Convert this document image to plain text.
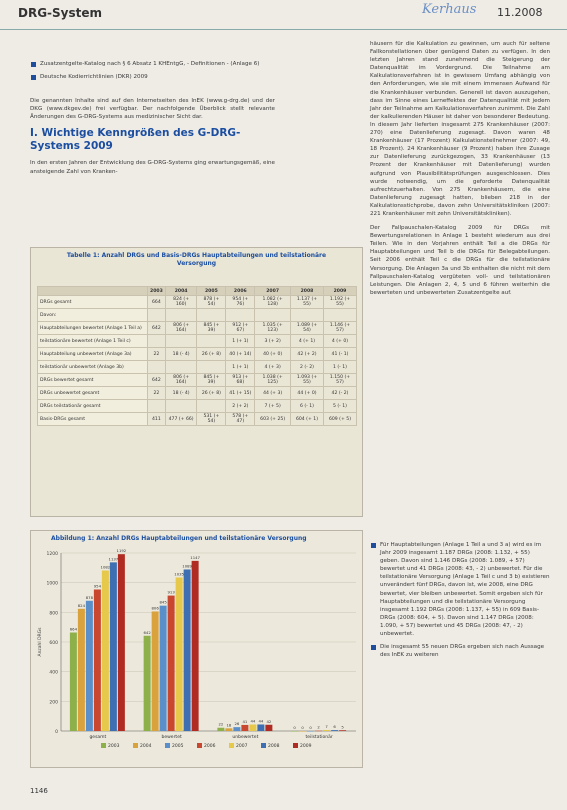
DRG-System	Kerhaus 11.2008
Zusatzentgelte-Katalog nach § 6 Absatz 1 KHEntgG, - Definitionen - (Anlage 6)
Deutsche Kodierrichtlinien (DKR) 2009

Die genannten Inhalte sind auf den Internetseiten des InEK (www.g-drg.de) und der DKG (www.dkgev.de) frei verfügbar. Der nachfolgende Überblick stellt relevante Änderungen des G-DRG-Systems aus medizinischer Sicht dar.

I. Wichtige Kenngrößen des G-DRG-Systems 2009

In den ersten Jahren der Entwicklung des G-DRG-Systems ging erwartungsgemäß, eine ansteigende Zahl von Kranken-

Tabelle 1: Anzahl DRGs und Basis-DRGs Hauptabteilungen und teilstationäre Versorgung
	2003	2004	2005	2006	2007	2008	2009
DRGs gesamt	664	824 (+ 160)	878 (+ 54)	954 (+ 76)	1.082 (+ 128)	1.137 (+ 55)	1.192 (+ 55)
Davon:							
Hauptabteilungen bewertet (Anlage 1 Teil a)	642	806 (+ 164)	845 (+ 39)	912 (+ 67)	1.035 (+ 123)	1.089 (+ 54)	1.146 (+ 57)
teilstationäre bewertet (Anlage 1 Teil c)				1 (+ 1)	3 (+ 2)	4 (+ 1)	4 (+ 0)
Hauptabteilung unbewertet (Anlage 3a)	22	18 (- 4)	26 (+ 8)	40 (+ 14)	40 (+ 0)	42 (+ 2)	41 (- 1)
teilstationär unbewertet (Anlage 3b)				1 (+ 1)	4 (+ 3)	2 (- 2)	1 (- 1)
DRGs bewertet gesamt	642	806 (+ 164)	845 (+ 39)	913 (+ 68)	1.038 (+ 125)	1.093 (+ 55)	1.150 (+ 57)
DRGs unbewertet gesamt	22	18 (- 4)	26 (+ 8)	41 (+ 15)	44 (+ 3)	44 (+ 0)	42 (- 2)
DRGs teilstationär gesamt				2 (+ 2)	7 (+ 5)	6 (- 1)	5 (- 1)
Basis-DRGs gesamt	411	477 (+ 66)	531 (+ 54)	578 (+ 47)	603 (+ 25)	604 (+ 1)	609 (+ 5)
Abbildung 1: Anzahl DRGs Hauptabteilungen und teilstationäre Versorgung
0
200
400
600
800
1000
1200
Anzahl DRGs	664
824
878
954
1082
1137
1192
gesamt
642
806
845
913
1035
1089
1147
bewertet
22 18 26 41 44 44 42
unbewertet
0 0 0 2 7 6 5
teilstationär
2003	2004	2005	2006	2007	2008	2009

häusern für die Kalkulation zu gewinnen, um auch für seltene Fallkonstellationen über genügend Daten zu verfügen. In den letzten Jahren stand zunehmend die Steigerung der Datenqualität im Vordergrund. Die Teilnahme am Kalkulationsverfahren ist in gewissem Umfang abhängig von den Anforderungen, wie sie mit einem immensen Aufwand für die Krankenhäuser verbunden. Generell ist davon auszugehen, dass im Sinne eines Lerneffektes der Datenqualität mit jedem Jahr der Teilnahme am Kalkulationsverfahren zunimmt. Die Zahl der kalkulierenden Häuser ist daher von besonderer Bedeutung. In diesem Jahr lieferten insgesamt 275 Krankenhäuser (2007: 270) eine Datenlieferung zugesagt. Davon waren 48 Krankenhäuser (17 Prozent) Kalkulationsteilnehmer (2007: 49, 18 Prozent). 24 Krankenhäuser (9 Prozent) haben ihre Zusage zur Datenlieferung zurückgezogen, 33 Krankenhäuser (13 Prozent der Krankenhäuser mit Datenlieferung) wurden aufgrund von Plausibilitätsprüfungen ausgeschlossen. Dies wurde notwendig, um die geforderte Datenqualität aufrechtzuerhalten. Von 275 Krankenhäusern, die eine Datenlieferung zugesagt hatten, blieben 218 in der Kalkulationsstichprobe, davon zehn Universitätskliniken (2007: 221 Krankenhäuser mit zehn Universitätskliniken).

Der Fallpauschalen-Katalog 2009 für DRGs mit Bewertungsrelationen in Anlage 1 besteht wiederum aus drei Teilen. Wie in den Vorjahren enthält Teil a die DRGs für Hauptabteilungen und Teil b die DRGs für Belegabteilungen. Seit 2006 enthält Teil c die DRGs für die teilstationäre Versorgung. Die Anlagen 3a und 3b enthalten die nicht mit dem Fallpauschalen-Katalog vergüteten voll- und teilstationären Leistungen. Die Anlagen 2, 4, 5 und 6 führen weiterhin die bewerteten und unbewerteten Zusatzentgelte auf.

Für Hauptabteilungen (Anlage 1 Teil a und 3 a) wird es im Jahr 2009 insgesamt 1.187 DRGs (2008: 1.132, + 55) geben. Davon sind 1.146 DRGs (2008: 1.089, + 57) bewertet und 41 DRGs (2008: 43, - 2) unbewertet. Für die teilstationäre Versorgung (Anlage 1 Teil c und 3 b) existieren unverändert fünf DRGs, davon ist, wie 2008, eine DRG bewertet, vier bleiben unbewertet. Somit ergeben sich für Hauptabteilungen und die teilstationäre Versorgung insgesamt 1.192 DRGs (2008: 1.137, + 55) in 609 Basis-DRGs (2008: 604, + 5). Davon sind 1.147 DRGs (2008: 1.090, + 57) bewertet und 45 DRGs (2008: 47, - 2) unbewertet.
Die insgesamt 55 neuen DRGs ergeben sich nach Aussage des InEK zu weiteren
1146
